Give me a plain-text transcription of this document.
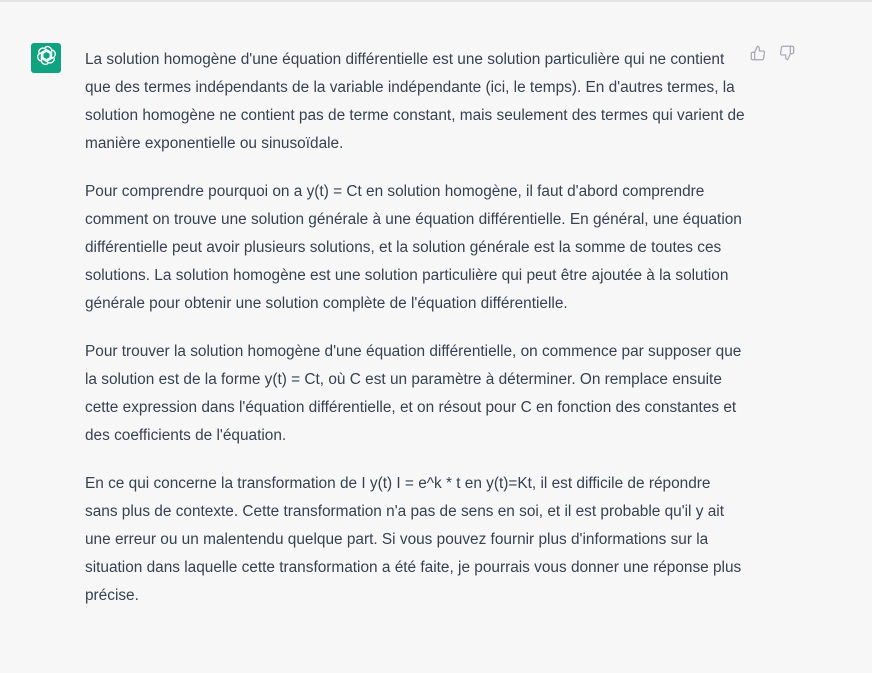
La solution homogène d'une équation différentielle est une solution particulière qui ne contient que des termes indépendants de la variable indépendante (ici, le temps). En d'autres termes, la solution homogène ne contient pas de terme constant, mais seulement des termes qui varient de manière exponentielle ou sinusoïdale.

Pour comprendre pourquoi on a y(t) = Ct en solution homogène, il faut d'abord comprendre comment on trouve une solution générale à une équation différentielle. En général, une équation différentielle peut avoir plusieurs solutions, et la solution générale est la somme de toutes ces solutions. La solution homogène est une solution particulière qui peut être ajoutée à la solution générale pour obtenir une solution complète de l'équation différentielle.

Pour trouver la solution homogène d'une équation différentielle, on commence par supposer que la solution est de la forme y(t) = Ct, où C est un paramètre à déterminer. On remplace ensuite cette expression dans l'équation différentielle, et on résout pour C en fonction des constantes et des coefficients de l'équation.

En ce qui concerne la transformation de I y(t) I = e^k * t en y(t)=Kt, il est difficile de répondre sans plus de contexte. Cette transformation n'a pas de sens en soi, et il est probable qu'il y ait une erreur ou un malentendu quelque part. Si vous pouvez fournir plus d'informations sur la situation dans laquelle cette transformation a été faite, je pourrais vous donner une réponse plus précise.
